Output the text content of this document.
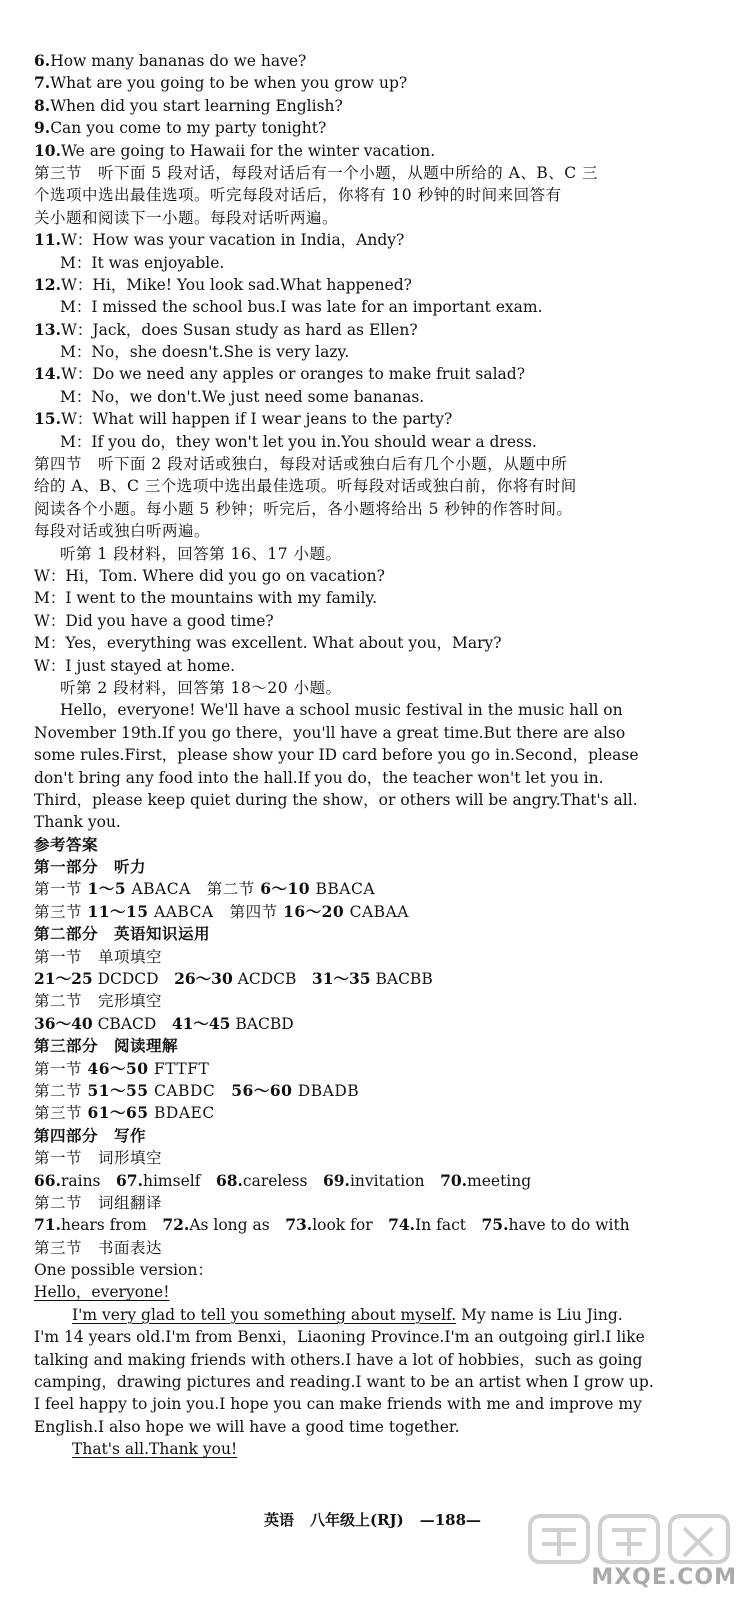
6.How many bananas do we have?
7.What are you going to be when you grow up?
8.When did you start learning English?
9.Can you come to my party tonight?
10.We are going to Hawaii for the winter vacation.
第三节　听下面 5 段对话，每段对话后有一个小题，从题中所给的 A、B、C 三
个选项中选出最佳选项。听完每段对话后，你将有 10 秒钟的时间来回答有
关小题和阅读下一小题。每段对话听两遍。
11.W：How was your vacation in India，Andy?
M：It was enjoyable.
12.W：Hi，Mike! You look sad.What happened?
M：I missed the school bus.I was late for an important exam.
13.W：Jack，does Susan study as hard as Ellen?
M：No，she doesn't.She is very lazy.
14.W：Do we need any apples or oranges to make fruit salad?
M：No，we don't.We just need some bananas.
15.W：What will happen if I wear jeans to the party?
M：If you do，they won't let you in.You should wear a dress.
第四节　听下面 2 段对话或独白，每段对话或独白后有几个小题，从题中所
给的 A、B、C 三个选项中选出最佳选项。听每段对话或独白前，你将有时间
阅读各个小题。每小题 5 秒钟；听完后，各小题将给出 5 秒钟的作答时间。
每段对话或独白听两遍。
听第 1 段材料，回答第 16、17 小题。
W：Hi，Tom. Where did you go on vacation?
M：I went to the mountains with my family.
W：Did you have a good time?
M：Yes，everything was excellent. What about you，Mary?
W：I just stayed at home.
听第 2 段材料，回答第 18～20 小题。
Hello，everyone! We'll have a school music festival in the music hall on
November 19th.If you go there，you'll have a great time.But there are also
some rules.First，please show your ID card before you go in.Second，please
don't bring any food into the hall.If you do，the teacher won't let you in.
Third，please keep quiet during the show，or others will be angry.That's all.
Thank you.
参考答案
第一部分　听力
第一节 1～5 ABACA　第二节 6～10 BBACA
第三节 11～15 AABCA　第四节 16～20 CABAA
第二部分　英语知识运用
第一节　单项填空
21～25 DCDCD　 26～30 ACDCB　 31～35 BACBB
第二节　完形填空
36～40 CBACD　 41～45 BACBD
第三部分　阅读理解
第一节 46～50 FTTFT
第二节 51～55 CABDC　56～60 DBADB
第三节 61～65 BDAEC
第四部分　写作
第一节　词形填空
66.rains  67.himself  68.careless  69.invitation  70.meeting
第二节　词组翻译
71.hears from  72.As long as  73.look for  74.In fact  75.have to do with
第三节　书面表达
One possible version：
Hello，everyone!
I'm very glad to tell you something about myself. My name is Liu Jing.
I'm 14 years old.I'm from Benxi，Liaoning Province.I'm an outgoing girl.I like
talking and making friends with others.I have a lot of hobbies，such as going
camping，drawing pictures and reading.I want to be an artist when I grow up.
I feel happy to join you.I hope you can make friends with me and improve my
English.I also hope we will have a good time together.
That's all.Thank you!
英语 八年级上(RJ) —188—
MXQE.COM
